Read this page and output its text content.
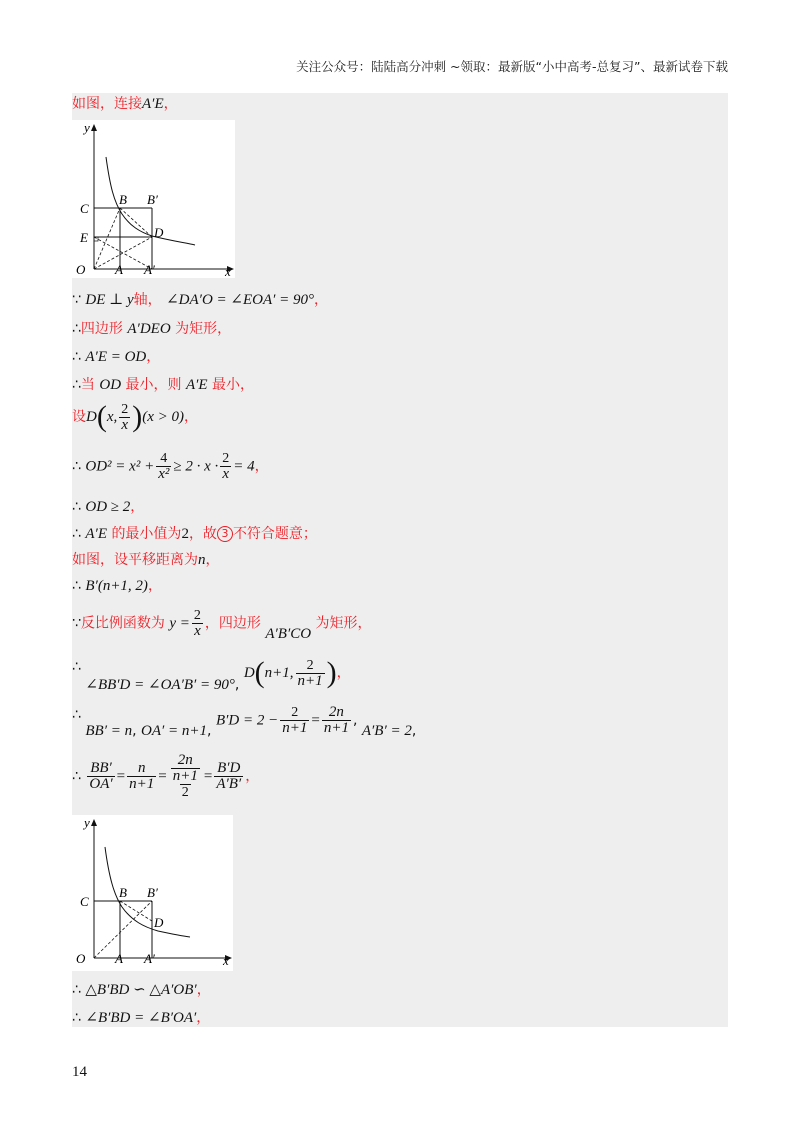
关注公众号：陆陆高分冲刺 ~领取：最新版“小中高考-总复习”、最新试卷下载
如图，连接A′E，
y
x
O A A′
C
E
B B′
D
∵ DE ⊥ y轴， ∠DA′O = ∠EOA′ = 90°，
∴四边形 A′DEO 为矩形，
∴ A′E = OD，
∴当 OD 最小，则 A′E 最小，
设D(x, $\frac{2}{x} )(x > 0)$，
∴ $OD^2 = x^2 + \frac{4}{\text{x²}} \ge 2 \cdot x \cdot \frac{2}{x} = 4$，
∴ OD ≥ 2，
∴ A′E 的最小值为2，故 3 不符合题意；
如图，设平移距离为n，
∴ B′(n+1, 2)，
∵反比例函数为 $y = \frac{2}{x}$ ，四边形 A′B′CO 为矩形，
∴ ∠BB′D = ∠OA′B′ = 90°, D(n+1, $\frac{2}{n+1}$ )，
∴ BB′ = n, OA′ = n+1, $B'D = 2 - \frac{2}{n+1} = \frac{2n}{n+1}$ , A′B′ = 2,
∴ $\frac{BB'}{OA'} = \frac{n}{n+1} = \frac{\frac{2n}{n+1}}{2} = \frac{B'D}{A'B'}$ ，
y
x
O A A′
C
B B′
D
∴ △B′BD ∽ △A′OB′，
∴ ∠B′BD = ∠B′OA′，
14
